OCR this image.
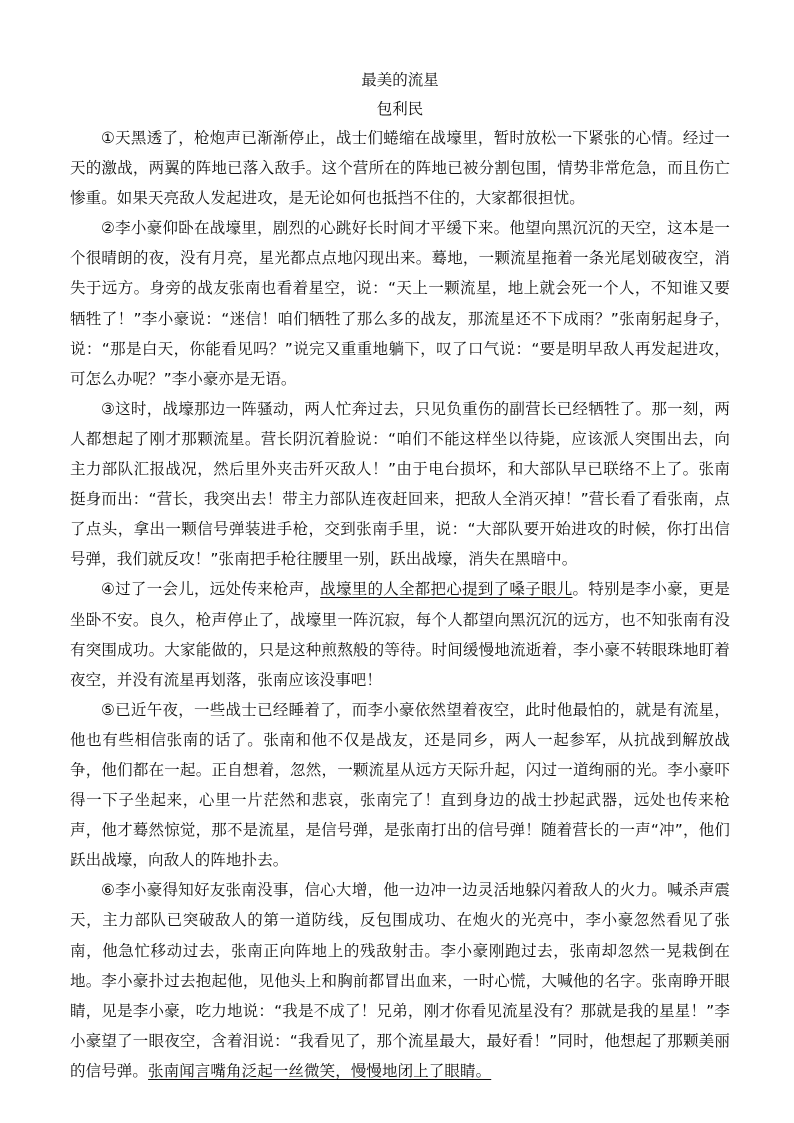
最美的流星
包利民

①天黑透了，枪炮声已渐渐停止，战士们蜷缩在战壕里，暂时放松一下紧张的心情。经过一天的激战，两翼的阵地已落入敌手。这个营所在的阵地已被分割包围，情势非常危急，而且伤亡惨重。如果天亮敌人发起进攻，是无论如何也抵挡不住的，大家都很担忧。

②李小豪仰卧在战壕里，剧烈的心跳好长时间才平缓下来。他望向黑沉沉的天空，这本是一个很晴朗的夜，没有月亮，星光都点点地闪现出来。蓦地，一颗流星拖着一条光尾划破夜空，消失于远方。身旁的战友张南也看着星空，说：“天上一颗流星，地上就会死一个人，不知谁又要牺牲了！”李小豪说：“迷信！咱们牺牲了那么多的战友，那流星还不下成雨？”张南躬起身子，说：“那是白天，你能看见吗？”说完又重重地躺下，叹了口气说：“要是明早敌人再发起进攻，可怎么办呢？”李小豪亦是无语。

③这时，战壕那边一阵骚动，两人忙奔过去，只见负重伤的副营长已经牺牲了。那一刻，两人都想起了刚才那颗流星。营长阴沉着脸说：“咱们不能这样坐以待毙，应该派人突围出去，向主力部队汇报战况，然后里外夹击歼灭敌人！”由于电台损坏，和大部队早已联络不上了。张南挺身而出：“营长，我突出去！带主力部队连夜赶回来，把敌人全消灭掉！”营长看了看张南，点了点头，拿出一颗信号弹装进手枪，交到张南手里，说：“大部队要开始进攻的时候，你打出信号弹，我们就反攻！”张南把手枪往腰里一别，跃出战壕，消失在黑暗中。

④过了一会儿，远处传来枪声，战壕里的人全都把心提到了嗓子眼儿。特别是李小豪，更是坐卧不安。良久，枪声停止了，战壕里一阵沉寂，每个人都望向黑沉沉的远方，也不知张南有没有突围成功。大家能做的，只是这种煎熬般的等待。时间缓慢地流逝着，李小豪不转眼珠地盯着夜空，并没有流星再划落，张南应该没事吧！

⑤已近午夜，一些战士已经睡着了，而李小豪依然望着夜空，此时他最怕的，就是有流星，他也有些相信张南的话了。张南和他不仅是战友，还是同乡，两人一起参军，从抗战到解放战争，他们都在一起。正自想着，忽然，一颗流星从远方天际升起，闪过一道绚丽的光。李小豪吓得一下子坐起来，心里一片茫然和悲哀，张南完了！直到身边的战士抄起武器，远处也传来枪声，他才蓦然惊觉，那不是流星，是信号弹，是张南打出的信号弹！随着营长的一声“冲”，他们跃出战壕，向敌人的阵地扑去。

⑥李小豪得知好友张南没事，信心大增，他一边冲一边灵活地躲闪着敌人的火力。喊杀声震天，主力部队已突破敌人的第一道防线，反包围成功、在炮火的光亮中，李小豪忽然看见了张南，他急忙移动过去，张南正向阵地上的残敌射击。李小豪刚跑过去，张南却忽然一晃栽倒在地。李小豪扑过去抱起他，见他头上和胸前都冒出血来，一时心慌，大喊他的名字。张南睁开眼睛，见是李小豪，吃力地说：“我是不成了！兄弟，刚才你看见流星没有？那就是我的星星！”李小豪望了一眼夜空，含着泪说：“我看见了，那个流星最大，最好看！”同时，他想起了那颗美丽的信号弹。张南闻言嘴角泛起一丝微笑，慢慢地闭上了眼睛。
